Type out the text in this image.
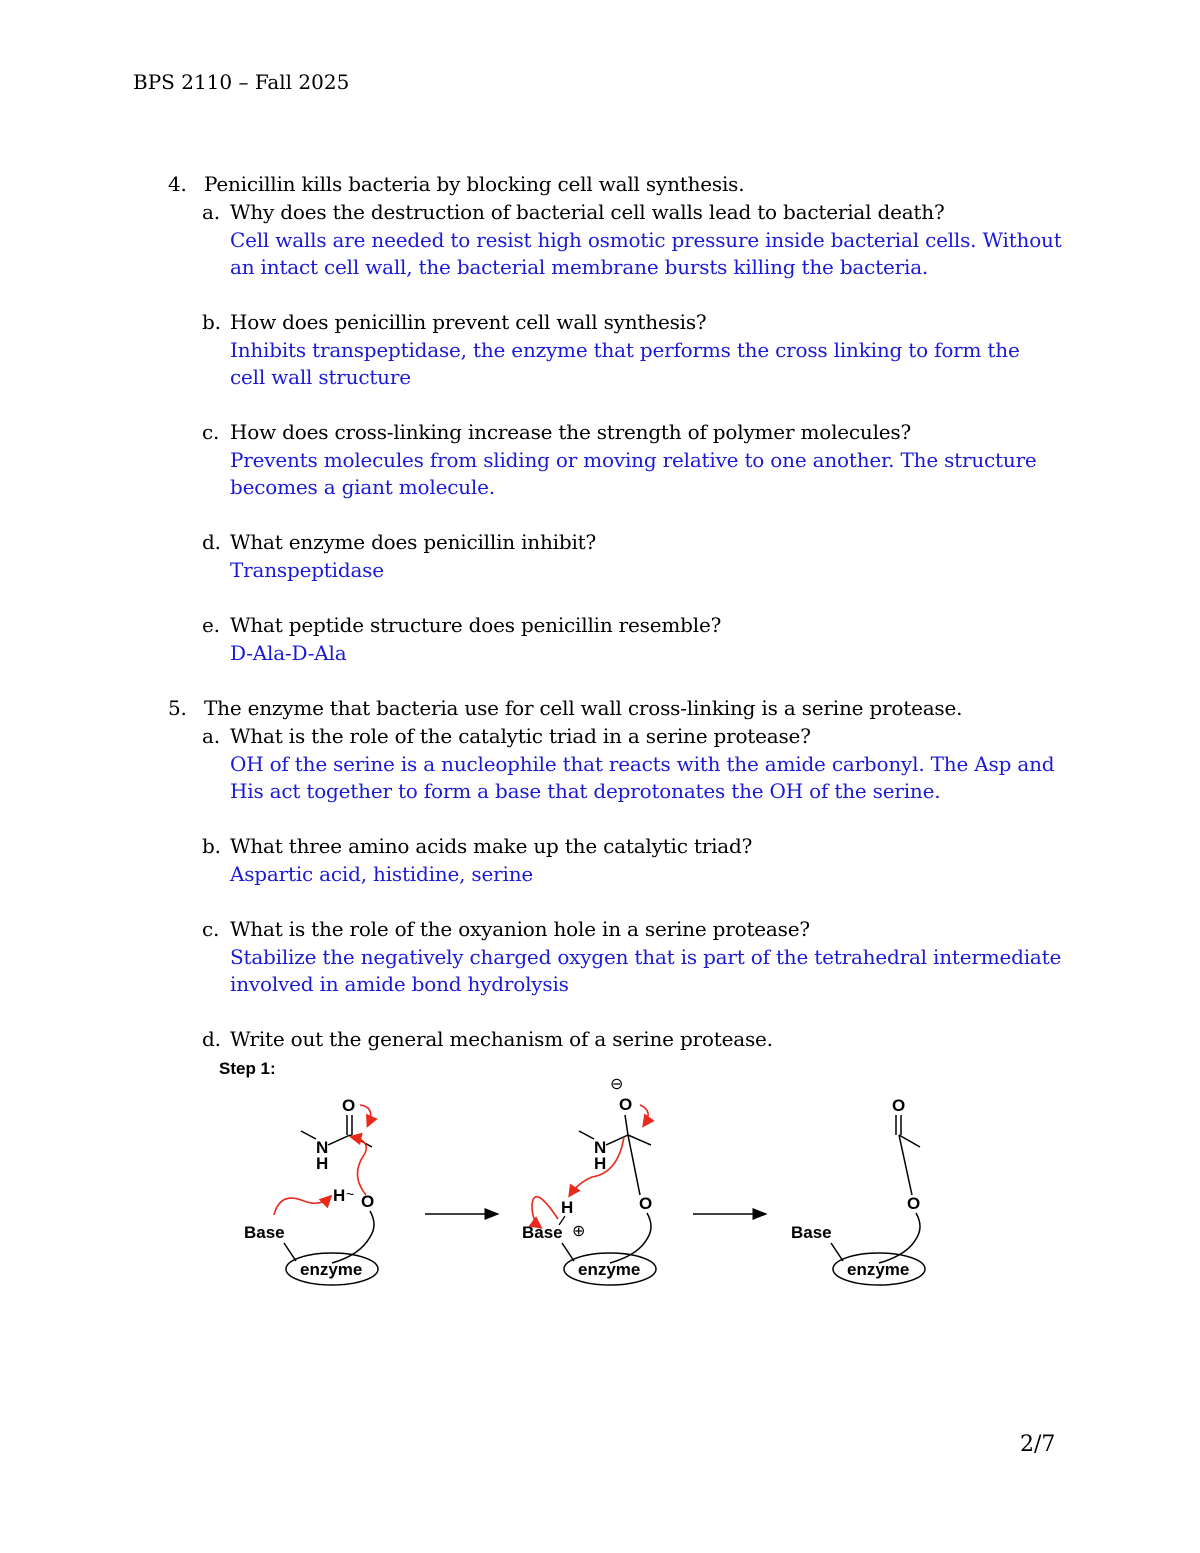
BPS 2110 – Fall 2025
4. Penicillin kills bacteria by blocking cell wall synthesis.
a. Why does the destruction of bacterial cell walls lead to bacterial death?
Cell walls are needed to resist high osmotic pressure inside bacterial cells. Without
an intact cell wall, the bacterial membrane bursts killing the bacteria.
b. How does penicillin prevent cell wall synthesis?
Inhibits transpeptidase, the enzyme that performs the cross linking to form the
cell wall structure
c. How does cross-linking increase the strength of polymer molecules?
Prevents molecules from sliding or moving relative to one another. The structure
becomes a giant molecule.
d. What enzyme does penicillin inhibit?
Transpeptidase
e. What peptide structure does penicillin resemble?
D-Ala-D-Ala
5. The enzyme that bacteria use for cell wall cross-linking is a serine protease.
a. What is the role of the catalytic triad in a serine protease?
OH of the serine is a nucleophile that reacts with the amide carbonyl. The Asp and
His act together to form a base that deprotonates the OH of the serine.
b. What three amino acids make up the catalytic triad?
Aspartic acid, histidine, serine
c. What is the role of the oxyanion hole in a serine protease?
Stabilize the negatively charged oxygen that is part of the tetrahedral intermediate
involved in amide bond hydrolysis
d. Write out the general mechanism of a serine protease.
Step 1:
O
N
H
H ~ O
Base
enzyme
⊖
O
N
H
O
H
Base ⊕
enzyme
O
O
Base
enzyme
2/7
